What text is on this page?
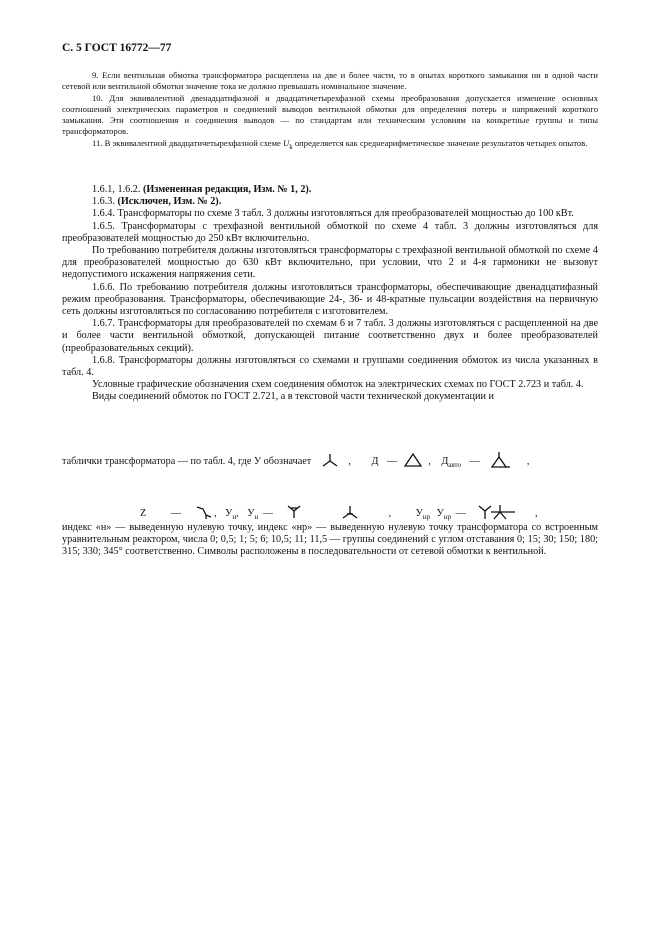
С. 5 ГОСТ 16772—77

9. Если вентильная обмотка трансформатора расщеплена на две и более части, то в опытах короткого замыкания ни в одной части сетевой или вентильной обмотки значение тока не должно превышать номинальное значение.

10. Для эквивалентной двенадцатифазной и двадцатичетырехфазной схемы преобразования допускается изменение основных соотношений электрических параметров и соединений выводов вентильной обмотки для определения потерь и напряжений короткого замыкания. Эти соотношения и соединения выводов — по стандартам или техническим условиям на конкретные группы и типы трансформаторов.

11. В эквивалентной двадцатичетырехфазной схеме $U_k$ определяется как среднеарифметическое значение результатов четырех опытов.

1.6.1, 1.6.2. (Измененная редакция, Изм. № 1, 2).

1.6.3. (Исключен, Изм. № 2).

1.6.4. Трансформаторы по схеме 3 табл. 3 должны изготовляться для преобразователей мощностью до 100 кВт.

1.6.5. Трансформаторы с трехфазной вентильной обмоткой по схеме 4 табл. 3 должны изготовляться для преобразователей мощностью до 250 кВт включительно.

По требованию потребителя должны изготовляться трансформаторы с трехфазной вентильной обмоткой по схеме 4 для преобразователей мощностью до 630 кВт включительно, при условии, что 2 и 4-я гармоники не вызовут недопустимого искажения напряжения сети.

1.6.6. По требованию потребителя должны изготовляться трансформаторы, обеспечивающие двенадцатифазный режим преобразования. Трансформаторы, обеспечивающие 24-, 36- и 48-кратные пульсации воздействия на первичную сеть должны изготовляться по согласованию потребителя с изготовителем.

1.6.7. Трансформаторы для преобразователей по схемам 6 и 7 табл. 3 должны изготовляться с расщепленной на две и более части вентильной обмоткой, допускающей питание соответственно двух и более преобразователей (преобразовательных секций).

1.6.8. Трансформаторы должны изготовляться со схемами и группами соединения обмоток из числа указанных в табл. 4.

Условные графические обозначения схем соединения обмоток на электрических схемах по ГОСТ 2.723 и табл. 4.

Виды соединений обмоток по ГОСТ 2.721, а в текстовой части технической документации и

таблички трансформатора — по табл. 4, где У обозначает	, Д —	, $Д_{авто}$ —	,
Z —	, $У_н$, $У_н$ —	, $У_{нр}$ $У_{нр}$ —	,
индекс «н» — выведенную нулевую точку, индекс «нр» — выведенную нулевую точку трансформатора со встроенным уравнительным реактором, числа 0; 0,5; 1; 5; 6; 10,5; 11; 11,5 — группы соединений с углом отставания 0; 15; 30; 150; 180; 315; 330; 345° соответственно. Символы расположены в последовательности от сетевой обмотки к вентильной.
